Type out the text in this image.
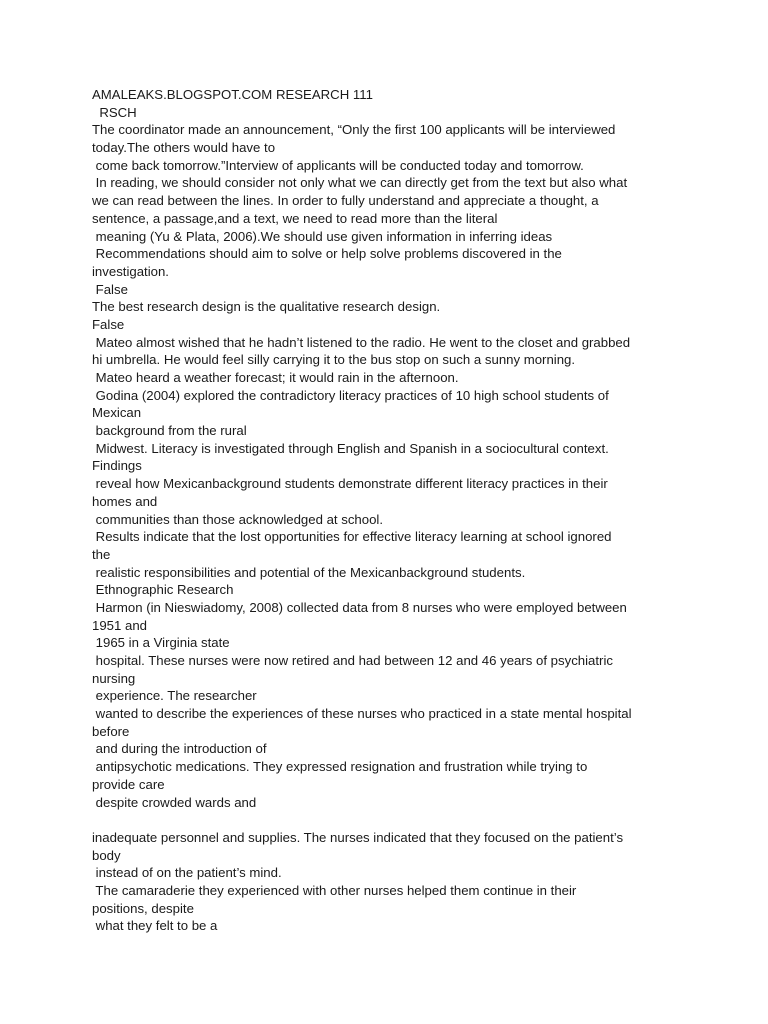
AMALEAKS.BLOGSPOT.COM RESEARCH 111
RSCH
The coordinator made an announcement, “Only the first 100 applicants will be interviewed
today.The others would have to
come back tomorrow.”Interview of applicants will be conducted today and tomorrow.
In reading, we should consider not only what we can directly get from the text but also what
we can read between the lines. In order to fully understand and appreciate a thought, a
sentence, a passage,and a text, we need to read more than the literal
meaning (Yu & Plata, 2006).We should use given information in inferring ideas
Recommendations should aim to solve or help solve problems discovered in the
investigation.
False
The best research design is the qualitative research design.
False
Mateo almost wished that he hadn’t listened to the radio. He went to the closet and grabbed
hi umbrella. He would feel silly carrying it to the bus stop on such a sunny morning.
Mateo heard a weather forecast; it would rain in the afternoon.
Godina (2004) explored the contradictory literacy practices of 10 high school students of
Mexican
background from the rural
Midwest. Literacy is investigated through English and Spanish in a sociocultural context.
Findings
reveal how Mexicanbackground students demonstrate different literacy practices in their
homes and
communities than those acknowledged at school.
Results indicate that the lost opportunities for effective literacy learning at school ignored
the
realistic responsibilities and potential of the Mexicanbackground students.
Ethnographic Research
Harmon (in Nieswiadomy, 2008) collected data from 8 nurses who were employed between
1951 and
1965 in a Virginia state
hospital. These nurses were now retired and had between 12 and 46 years of psychiatric
nursing
experience. The researcher
wanted to describe the experiences of these nurses who practiced in a state mental hospital
before
and during the introduction of
antipsychotic medications. They expressed resignation and frustration while trying to
provide care
despite crowded wards and
inadequate personnel and supplies. The nurses indicated that they focused on the patient’s
body
instead of on the patient’s mind.
The camaraderie they experienced with other nurses helped them continue in their
positions, despite
what they felt to be a
